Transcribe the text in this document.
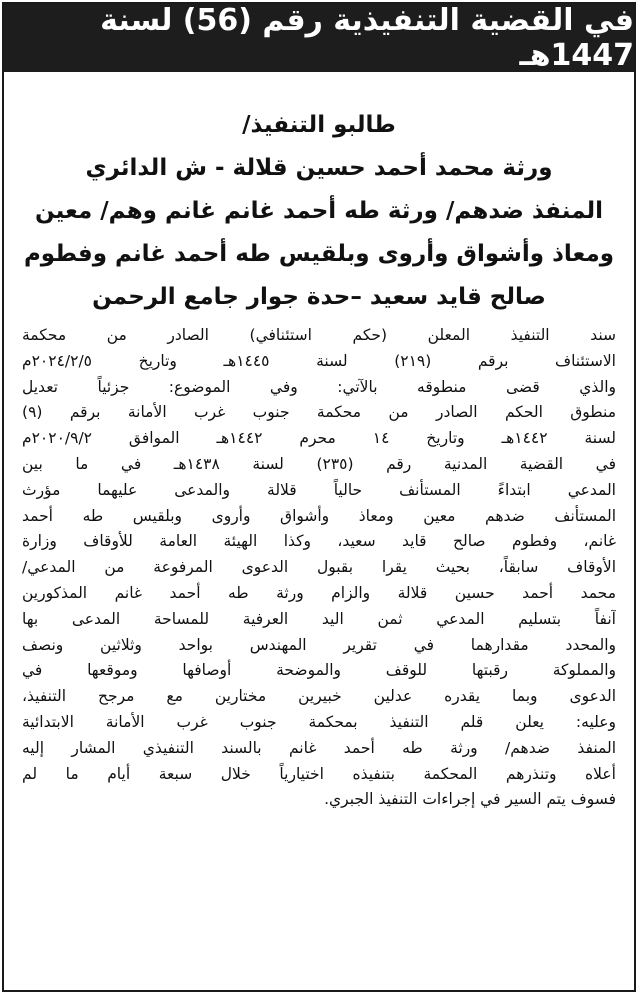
في القضية التنفيذية رقم (56) لسنة 1447هـ
طالبو التنفيذ/
ورثة محمد أحمد حسين قلالة - ش الدائري
المنفذ ضدهم/ ورثة طه أحمد غانم غانم وهم/ معين
ومعاذ وأشواق وأروى وبلقيس طه أحمد غانم وفطوم
صالح قايد سعيد –حدة جوار جامع الرحمن
سند التنفيذ المعلن (حكم استئنافي) الصادر من محكمة
الاستئناف برقم (٢١٩) لسنة ١٤٤٥هـ وتاريخ ٢٠٢٤/٢/٥م
والذي قضى منطوقه بالآتي: وفي الموضوع: جزئياً تعديل
منطوق الحكم الصادر من محكمة جنوب غرب الأمانة برقم (٩)
لسنة ١٤٤٢هـ وتاريخ ١٤ محرم ١٤٤٢هـ الموافق ٢٠٢٠/٩/٢م
في القضية المدنية رقم (٢٣٥) لسنة ١٤٣٨هـ في ما بين
المدعي ابتداءً المستأنف حالياً قلالة والمدعى عليهما مؤرث
المستأنف ضدهم معين ومعاذ وأشواق وأروى وبلقيس طه أحمد
غانم، وفطوم صالح قايد سعيد، وكذا الهيئة العامة للأوقاف وزارة
الأوقاف سابقاً، بحيث يقرا بقبول الدعوى المرفوعة من المدعي/
محمد أحمد حسين قلالة والزام ورثة طه أحمد غانم المذكورين
آنفاً بتسليم المدعي ثمن اليد العرفية للمساحة المدعى بها
والمحدد مقدارهما في تقرير المهندس بواحد وثلاثين ونصف
والمملوكة رقبتها للوقف والموضحة أوصافها وموقعها في
الدعوى وبما يقدره عدلين خبيرين مختارين مع مرجح التنفيذ،
وعليه: يعلن قلم التنفيذ بمحكمة جنوب غرب الأمانة الابتدائية
المنفذ ضدهم/ ورثة طه أحمد غانم بالسند التنفيذي المشار إليه
أعلاه وتنذرهم المحكمة بتنفيذه اختيارياً خلال سبعة أيام ما لم
فسوف يتم السير في إجراءات التنفيذ الجبري.
